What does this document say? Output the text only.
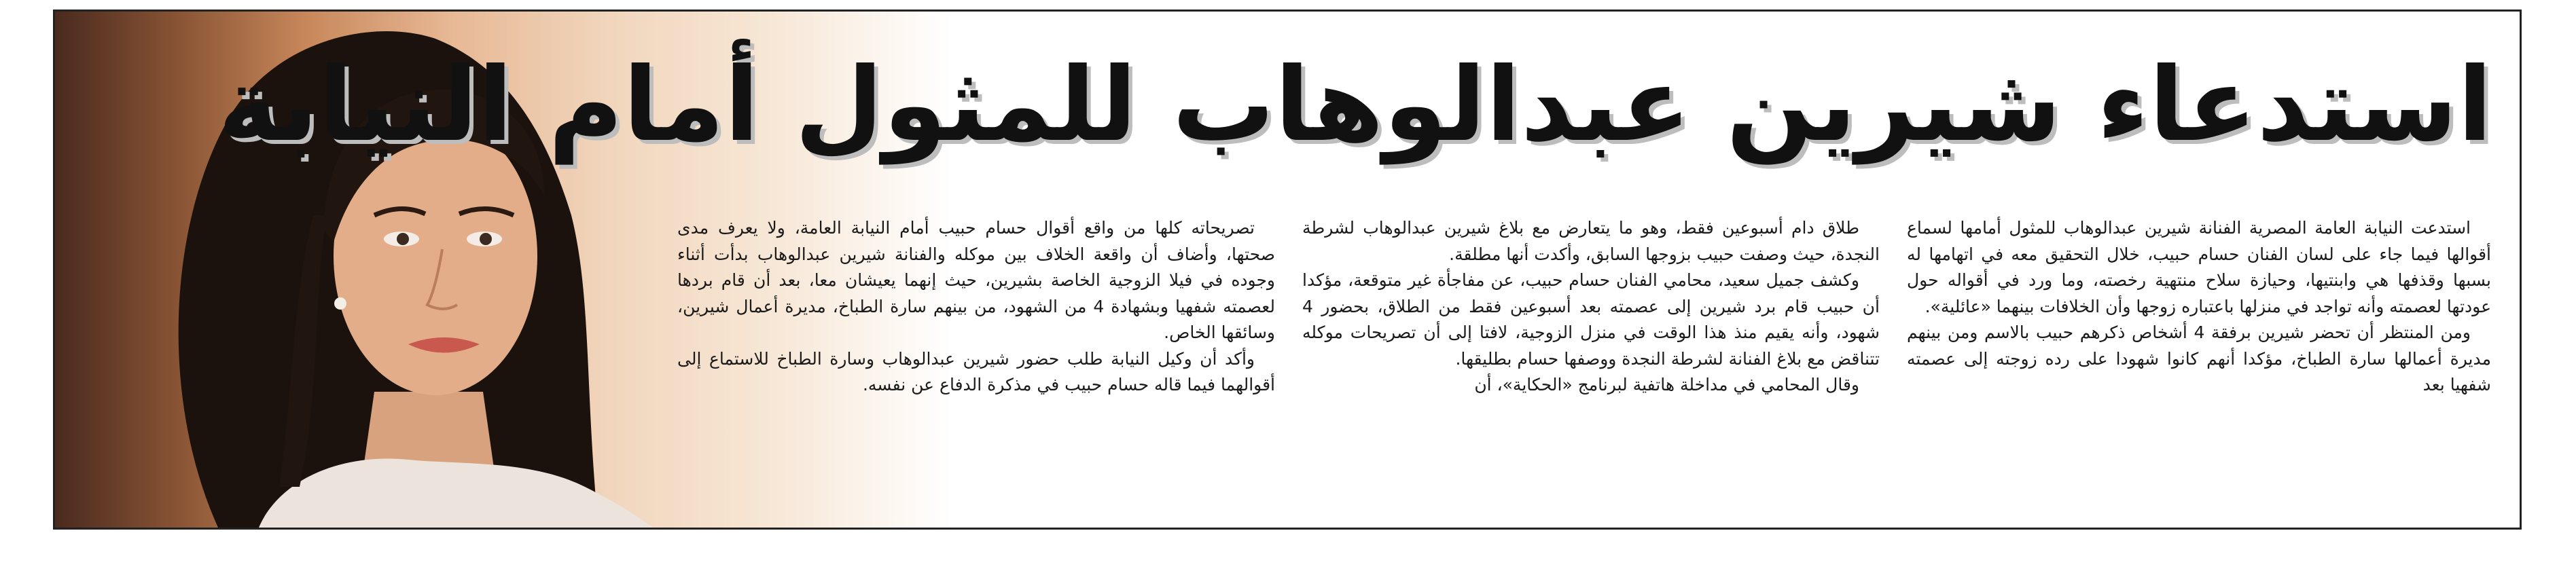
استدعاء شيرين عبدالوهاب للمثول أمام النيابة

استدعت النيابة العامة المصرية الفنانة شيرين عبدالوهاب للمثول أمامها لسماع أقوالها فيما جاء على لسان الفنان حسام حبيب، خلال التحقيق معه في اتهامها له بسبها وقذفها هي وابنتيها، وحيازة سلاح منتهية رخصته، وما ورد في أقواله حول عودتها لعصمته وأنه تواجد في منزلها باعتباره زوجها وأن الخلافات بينهما «عائلية».

ومن المنتظر أن تحضر شيرين برفقة 4 أشخاص ذكرهم حبيب بالاسم ومن بينهم مديرة أعمالها سارة الطباخ، مؤكدا أنهم كانوا شهودا على رده زوجته إلى عصمته شفهيا بعد

طلاق دام أسبوعين فقط، وهو ما يتعارض مع بلاغ شيرين عبدالوهاب لشرطة النجدة، حيث وصفت حبيب بزوجها السابق، وأكدت أنها مطلقة.

وكشف جميل سعيد، محامي الفنان حسام حبيب، عن مفاجأة غير متوقعة، مؤكدا أن حبيب قام برد شيرين إلى عصمته بعد أسبوعين فقط من الطلاق، بحضور 4 شهود، وأنه يقيم منذ هذا الوقت في منزل الزوجية، لافتا إلى أن تصريحات موكله تتناقض مع بلاغ الفنانة لشرطة النجدة ووصفها حسام بطليقها.

وقال المحامي في مداخلة هاتفية لبرنامج «الحكاية»، أن

تصريحاته كلها من واقع أقوال حسام حبيب أمام النيابة العامة، ولا يعرف مدى صحتها، وأضاف أن واقعة الخلاف بين موكله والفنانة شيرين عبدالوهاب بدأت أثناء وجوده في فيلا الزوجية الخاصة بشيرين، حيث إنهما يعيشان معا، بعد أن قام بردها لعصمته شفهيا وبشهادة 4 من الشهود، من بينهم سارة الطباخ، مديرة أعمال شيرين، وسائقها الخاص.

وأكد أن وكيل النيابة طلب حضور شيرين عبدالوهاب وسارة الطباخ للاستماع إلى أقوالهما فيما قاله حسام حبيب في مذكرة الدفاع عن نفسه.
